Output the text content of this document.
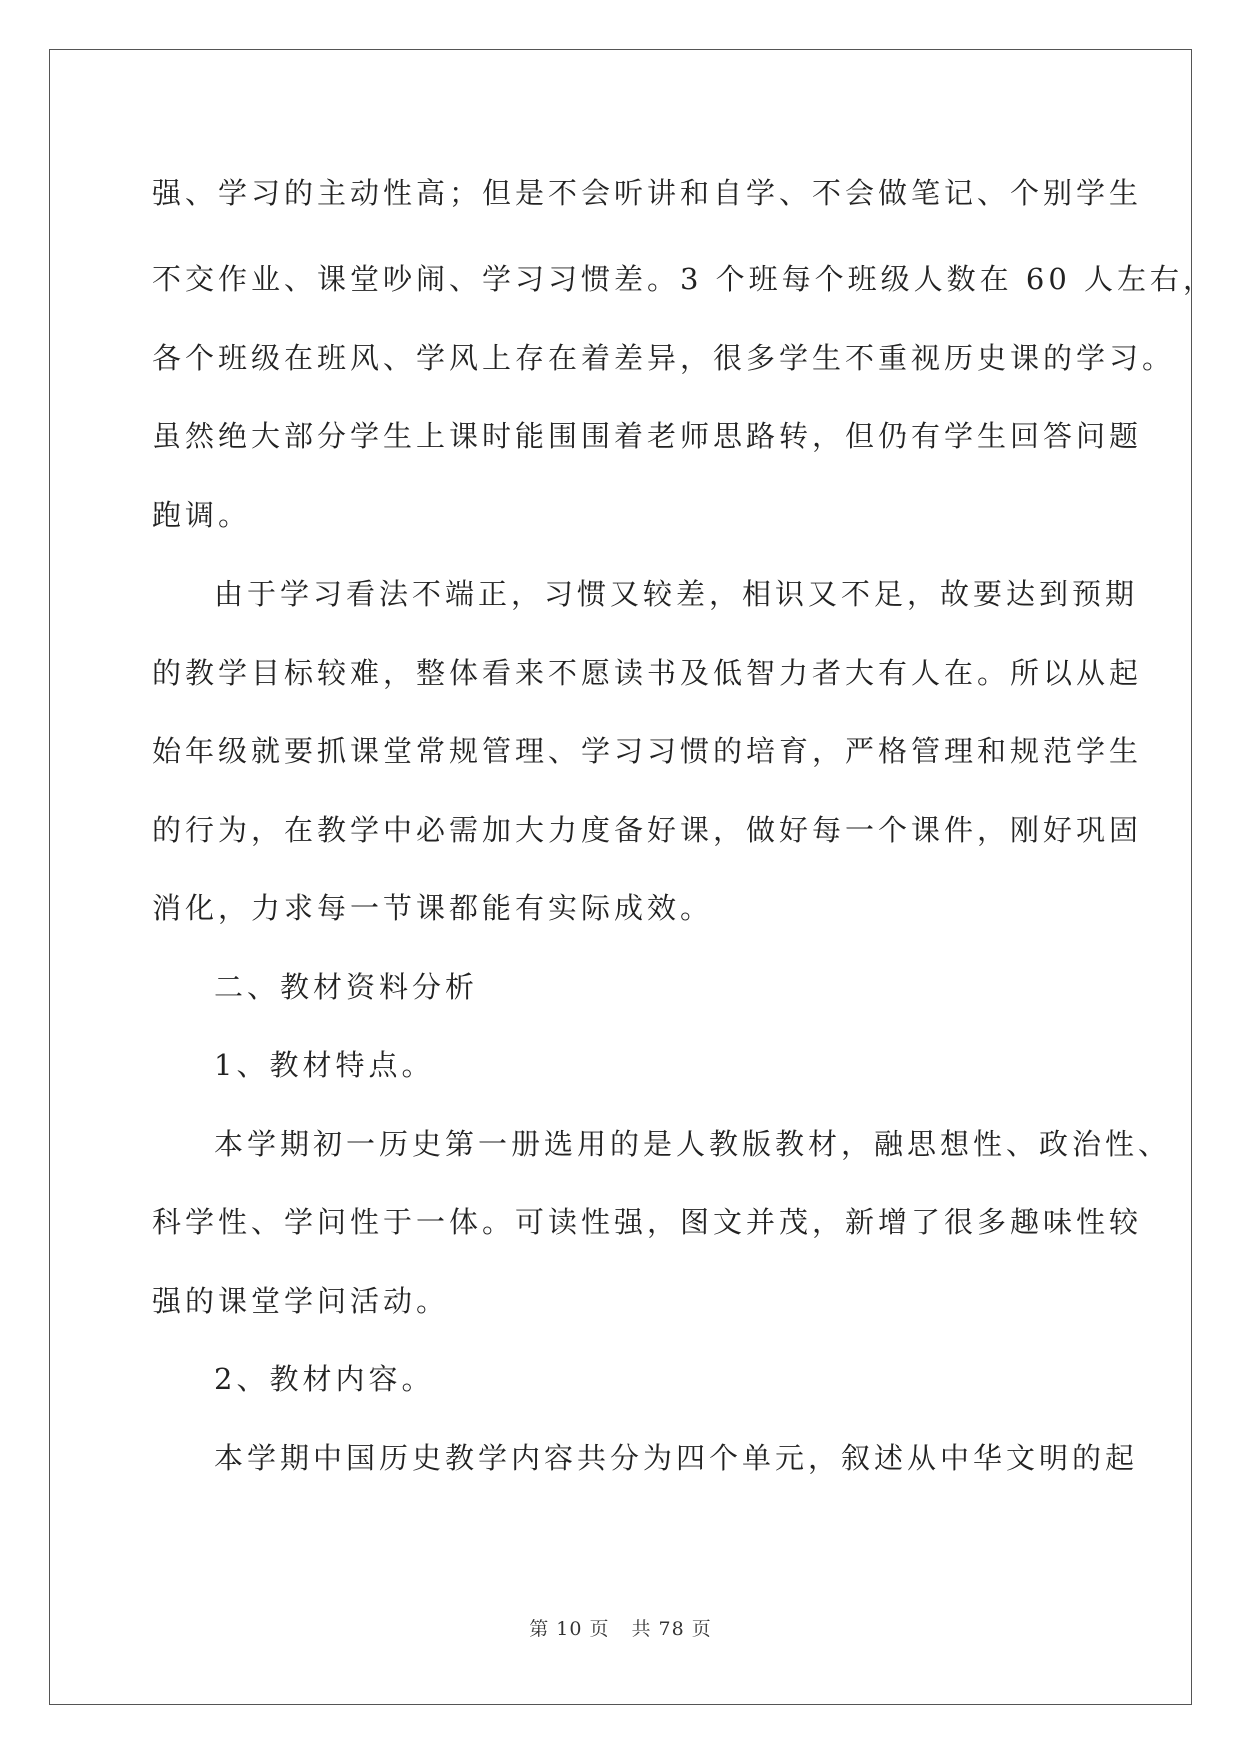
强、学习的主动性高；但是不会听讲和自学、不会做笔记、个别学生
不交作业、课堂吵闹、学习习惯差。3 个班每个班级人数在 60 人左右，
各个班级在班风、学风上存在着差异，很多学生不重视历史课的学习。
虽然绝大部分学生上课时能围围着老师思路转，但仍有学生回答问题
跑调。
由于学习看法不端正，习惯又较差，相识又不足，故要达到预期
的教学目标较难，整体看来不愿读书及低智力者大有人在。所以从起
始年级就要抓课堂常规管理、学习习惯的培育，严格管理和规范学生
的行为，在教学中必需加大力度备好课，做好每一个课件，刚好巩固
消化，力求每一节课都能有实际成效。
二、教材资料分析
1、教材特点。
本学期初一历史第一册选用的是人教版教材，融思想性、政治性、
科学性、学问性于一体。可读性强，图文并茂，新增了很多趣味性较
强的课堂学问活动。
2、教材内容。
本学期中国历史教学内容共分为四个单元，叙述从中华文明的起
第 10 页 共 78 页
